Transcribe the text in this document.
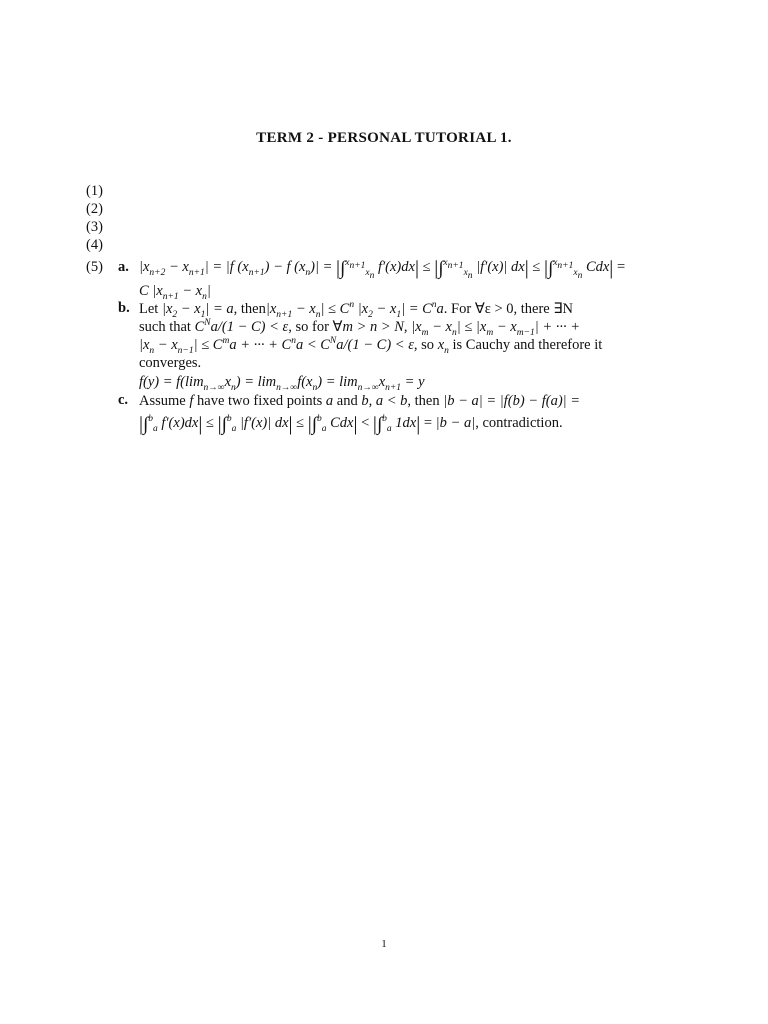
TERM 2 - PERSONAL TUTORIAL 1.
(1)
(2)
(3)
(4)
(5) a. $|x_{n+2} - x_{n+1}| = |f$ $(x_{n+1}) - f$ $(x_n)| = |\int^{x_{n+1}}_{x_n}$ f′(x)dx| ≤ |∫$^{x_{n+1}}_{x_n}$ |f′(x)| dx| ≤ |∫$^{x_{n+1}}_{x_n}$ Cdx| =
C $|x_{n+1} - x_n|$
b. Let $|x_2 - x_1| = a$, $then|x_{n+1} - x_n| \le C^n$ $|x_2 - x_1| = C^na$. For ∀ε > 0, there ∃N
such that $C^Na/(1 - C) < \varepsilon$, so for ∀m > n > N, $|x_m - x_n| \le |x_m - x_{m-1}|$ + ··· +
$|x_n - x_{n-1}| \le C^ma$ + ··· + $C^na < C^Na/(1 - C) < \varepsilon$, so $x_n$ is Cauchy and therefore it
converges.
$f(y) = f(\lim_{n\to\infty}x_n) = \lim_{n\to\infty}f(x_n) = \lim_{n\to\infty}x_{n+1} = y$
c. Assume f have two fixed points a and b, a < b, then |b − a| = |f(b) − f(a)| =
|∫$^b_a$ f′(x)dx| ≤ |∫$^b_a$ |f′(x)| dx| ≤ |∫$^b_a$ Cdx| < |∫$^b_a$ 1dx| = |b − a|, contradiction.
1
